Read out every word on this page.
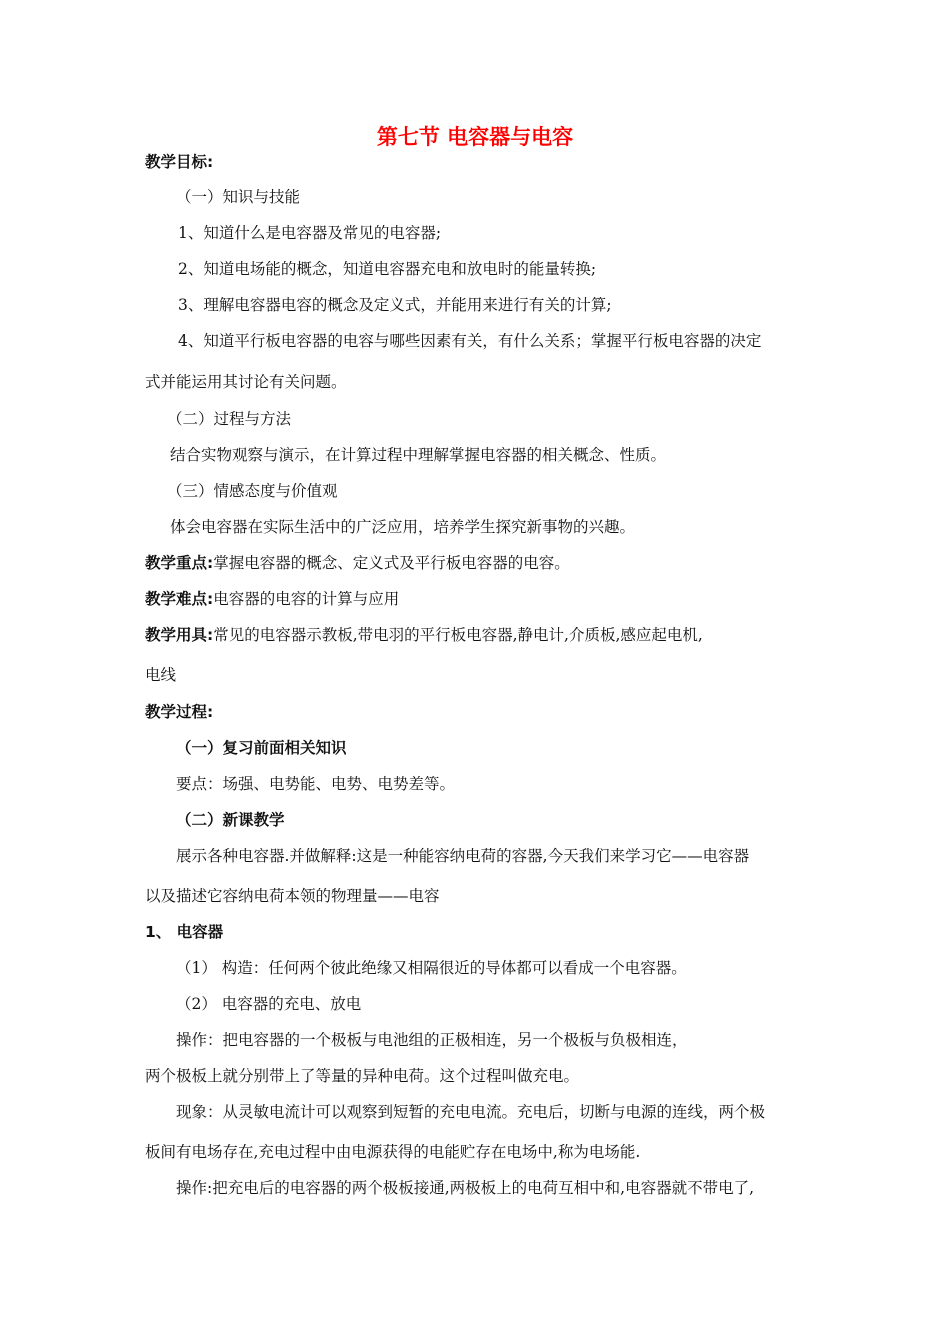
第七节 电容器与电容
教学目标:
（一）知识与技能
1、知道什么是电容器及常见的电容器;
2、知道电场能的概念，知道电容器充电和放电时的能量转换;
3、理解电容器电容的概念及定义式，并能用来进行有关的计算;
4、知道平行板电容器的电容与哪些因素有关，有什么关系；掌握平行板电容器的决定
式并能运用其讨论有关问题。
（二）过程与方法
结合实物观察与演示，在计算过程中理解掌握电容器的相关概念、性质。
（三）情感态度与价值观
体会电容器在实际生活中的广泛应用，培养学生探究新事物的兴趣。
教学重点:掌握电容器的概念、定义式及平行板电容器的电容。
教学难点:电容器的电容的计算与应用
教学用具:常见的电容器示教板,带电羽的平行板电容器,静电计,介质板,感应起电机,
电线
教学过程:
（一）复习前面相关知识
要点：场强、电势能、电势、电势差等。
（二）新课教学
展示各种电容器.并做解释:这是一种能容纳电荷的容器,今天我们来学习它——电容器
以及描述它容纳电荷本领的物理量——电容
1、 电容器
（1） 构造：任何两个彼此绝缘又相隔很近的导体都可以看成一个电容器。
（2） 电容器的充电、放电
操作：把电容器的一个极板与电池组的正极相连，另一个极板与负极相连，
两个极板上就分别带上了等量的异种电荷。这个过程叫做充电。
现象：从灵敏电流计可以观察到短暂的充电电流。充电后，切断与电源的连线，两个极
板间有电场存在,充电过程中由电源获得的电能贮存在电场中,称为电场能.
操作:把充电后的电容器的两个极板接通,两极板上的电荷互相中和,电容器就不带电了,
